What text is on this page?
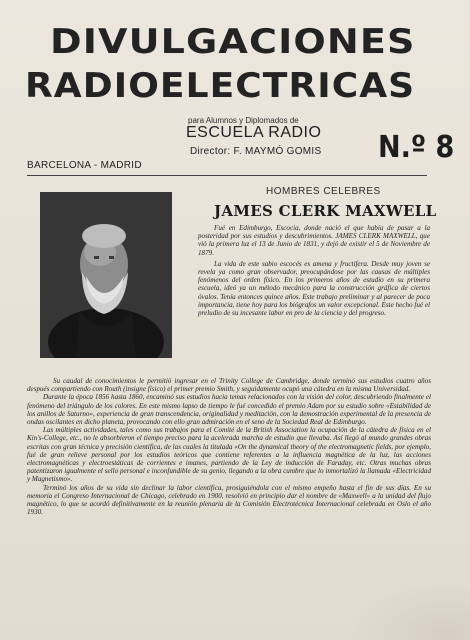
DIVULGACIONES
RADIOELECTRICAS
para Alumnos y Diplomados de
ESCUELA RADIO
Director: F. MAYMÓ GOMIS
BARCELONA - MADRID
N.º 8
HOMBRES CELEBRES
JAMES CLERK MAXWELL

Fué en Edimburgo, Escocia, donde nació el que había de pasar a la posteridad por sus estudios y descubrimientos. JAMES CLERK MAXWELL, que vió la primera luz el 13 de Junio de 1831, y dejó de existir el 5 de Noviembre de 1879.

La vida de este sabio escocés es amena y fructífera. Desde muy joven se revela ya como gran observador, preocupándose por las causas de múltiples fenómenos del orden físico. En los primeros años de estudio en su primera escuela, ideó ya un método mecánico para la construcción gráfica de ciertos óvalos. Tenía entonces quince años. Este trabajo preliminar y al parecer de poca importancia, tiene hoy para los biógrafos un valor excepcional. Este hecho fué el preludio de su incesante labor en pro de la ciencia y del progreso.

Su caudal de conocimientos le permitió ingresar en el Trinity College de Cambridge, donde terminó sus estudios cuatro años después compartiendo con Routh (insigne físico) el primer premio Smith, y seguidamente ocupó una cátedra en la misma Universidad.

Durante la época 1856 hasta 1860, encaminó sus estudios hacia temas relacionados con la visión del color, descubriendo finalmente el fenómeno del triángulo de los colores. En este mismo lapso de tiempo le fué concedido el premio Adam por su estudio sobre «Estabilidad de los anillos de Saturno», experiencia de gran transcendencia, originalidad y meditación, con la demostración experimental de la presencia de ondas oscilantes en dicho planeta, provocando con ello gran admiración en el seno de la Sociedad Real de Edimburgo.

Las múltiples actividades, tales como sus trabajos para el Comité de la British Association la ocupación de la cátedra de física en el Kin's-College, etc., no le absorbieron el tiempo preciso para la acelerada marcha de estudio que llevaba. Así llegó al mundo grandes obras escritas con gran técnica y precisión científica, de las cuales la titulada «On the dynamical theory of the electromagnetic fields, por ejemplo, fué de gran relieve personal por los estudios teóricos que contiene referentes a la influencia magnética de la luz, las acciones electromagnéticas y electroestáticas de corrientes e imanes, partiendo de la Ley de inducción de Faraday, etc. Otras muchas obras patentizaron igualmente el sello personal e inconfundible de su genio, llegando a la obra cumbre que lo inmortalizó la llamada «Electricidad y Magnetismo».

Terminó los años de su vida sin declinar la labor científica, prosiguiéndola con el mismo empeño hasta el fin de sus días. En su memoria el Congreso Internacional de Chicago, celebrado en 1900, resolvió en principio dar el nombre de «Maxwell» a la unidad del flujo magnético, lo que se acordó definitivamente en la reunión plenaria de la Comisión Electrotécnica Internacional celebrada en Oslo el año 1930.
